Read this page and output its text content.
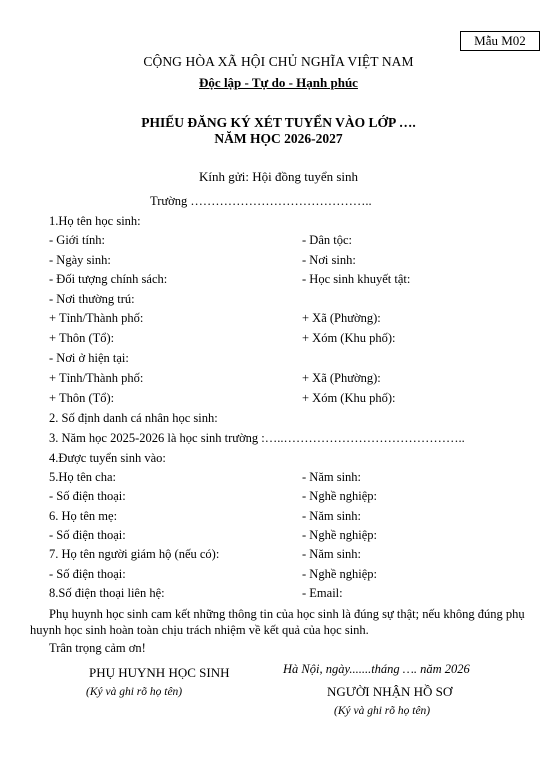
Mẫu M02
CỘNG HÒA XÃ HỘI CHỦ NGHĨA VIỆT NAM
Độc lập - Tự do - Hạnh phúc
PHIẾU ĐĂNG KÝ XÉT TUYỂN VÀO LỚP ….
NĂM HỌC 2026-2027
Kính gửi: Hội đồng tuyển sinh
Trường ……………………………………..
1.Họ tên học sinh:
- Giới tính:	- Dân tộc:
- Ngày sinh:	- Nơi sinh:
- Đối tượng chính sách:	- Học sinh khuyết tật:
- Nơi thường trú:
+ Tỉnh/Thành phố:	+ Xã (Phường):
+ Thôn (Tổ):	+ Xóm (Khu phố):
- Nơi ở hiện tại:
+ Tỉnh/Thành phố:	+ Xã (Phường):
+ Thôn (Tổ):	+ Xóm (Khu phố):
2. Số định danh cá nhân học sinh:
3. Năm học 2025-2026 là học sinh trường :…..……………………………………..
4.Được tuyển sinh vào:
5.Họ tên cha:	- Năm sinh:
- Số điện thoại:	- Nghề nghiệp:
6. Họ tên mẹ:	- Năm sinh:
- Số điện thoại:	- Nghề nghiệp:
7. Họ tên người giám hộ (nếu có):	- Năm sinh:
- Số điện thoại:	- Nghề nghiệp:
8.Số điện thoại liên hệ:	- Email:
Phụ huynh học sinh cam kết những thông tin của học sinh là đúng sự thật; nếu không đúng phụ huynh học sinh hoàn toàn chịu trách nhiệm về kết quả của học sinh.
Trân trọng cảm ơn!
PHỤ HUYNH HỌC SINH
(Ký và ghi rõ họ tên)
Hà Nội, ngày.......tháng …. năm 2026
NGƯỜI NHẬN HỒ SƠ
(Ký và ghi rõ họ tên)
